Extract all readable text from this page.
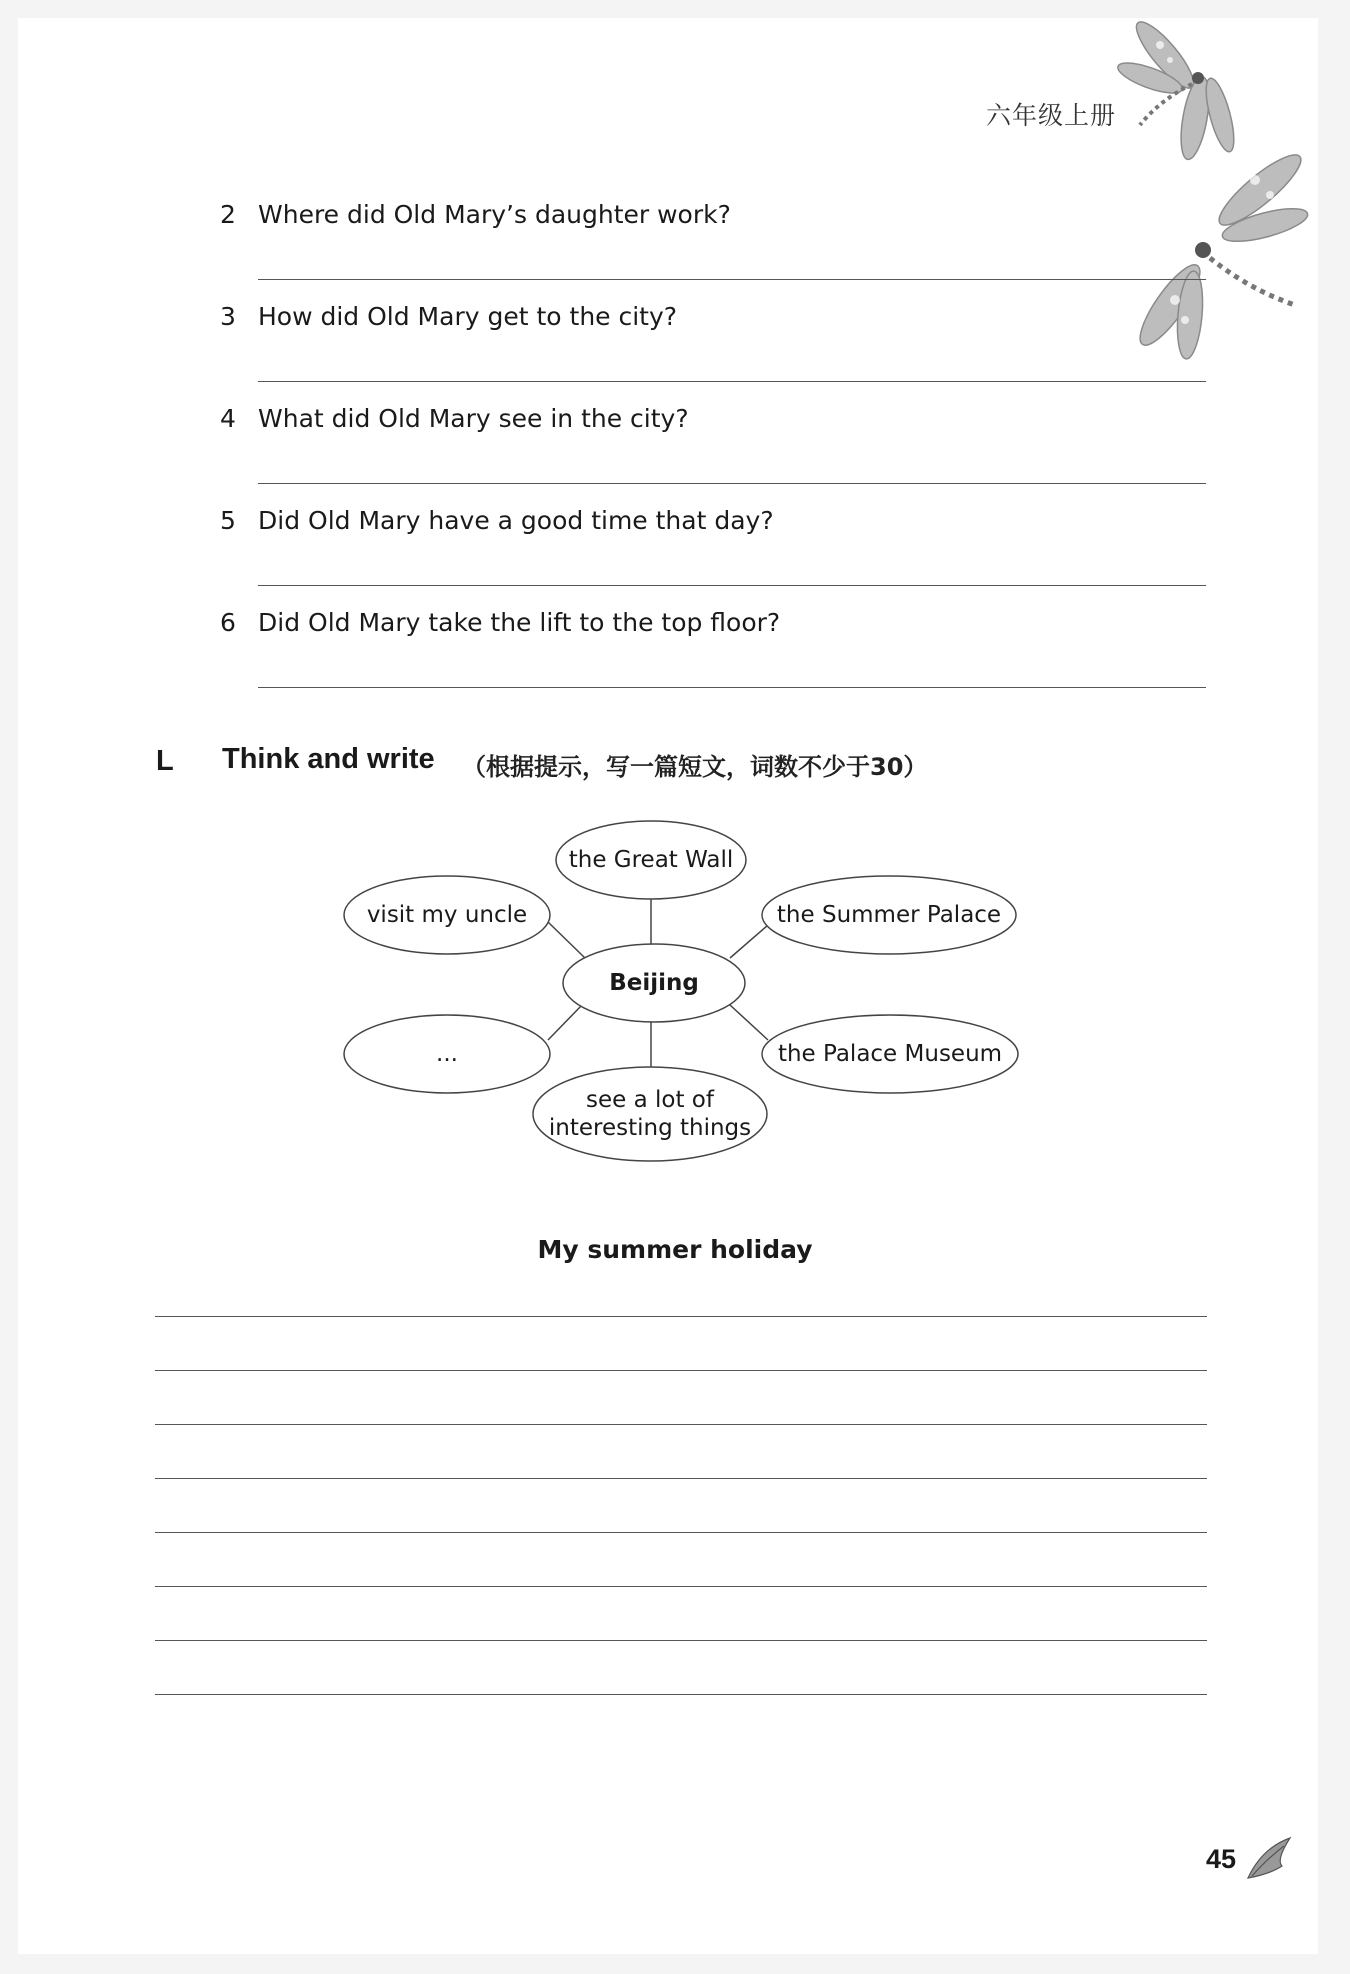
六年级上册
2 Where did Old Mary’s daughter work?
3 How did Old Mary get to the city?
4 What did Old Mary see in the city?
5 Did Old Mary have a good time that day?
6 Did Old Mary take the lift to the top floor?
L Think and write （根据提示，写一篇短文，词数不少于30）
the Great Wall
visit my uncle	the Summer Palace
Beijing
...	the Palace Museum
see a lot of
interesting things
My summer holiday
45
